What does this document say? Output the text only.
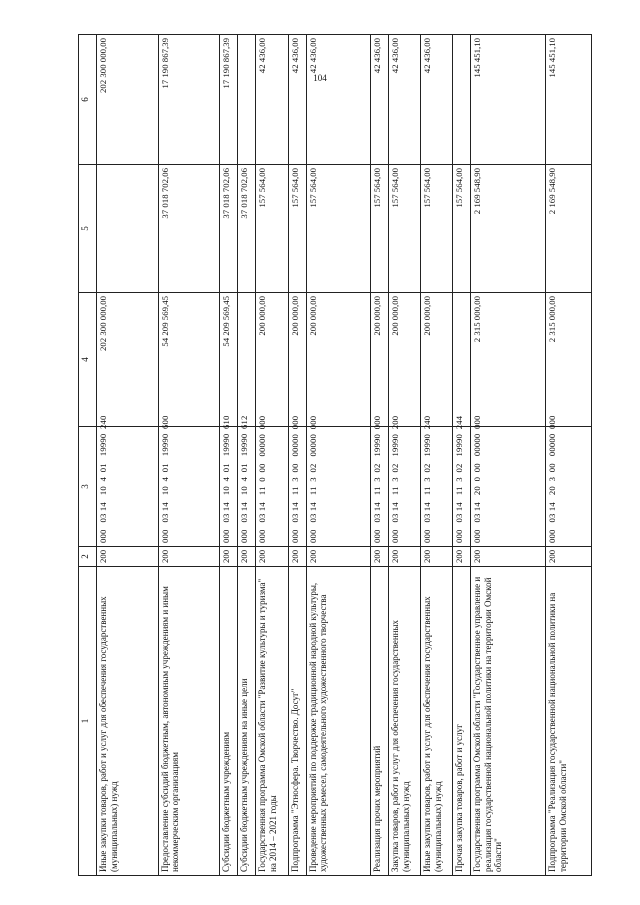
104
1	2	3	4	5	6
Иные закупки товаров, работ и услуг для обеспечения государственных (муниципальных) нужд	200	000   03 14   10  4  01   19990  240	202 300 000,00		202 300 000,00
Предоставление субсидий бюджетным, автономным учреждениям и иным некоммерческим организациям	200	000   03 14   10  4  01   19990  600	54 209 569,45	37 018 702,06	17 190 867,39
Субсидии бюджетным учреждениям	200	000   03 14   10  4  01   19990  610	54 209 569,45	37 018 702,06	17 190 867,39
Субсидии бюджетным учреждениям на иные цели	200	000   03 14   10  4  01   19990  612		37 018 702,06	
Государственная программа Омской области "Развитие культуры и туризма" на 2014 – 2021 годы	200	000   03 14   11  0  00   00000  000	200 000,00	157 564,00	42 436,00
Подпрограмма "Этносфера. Творчество. Досуг"	200	000   03 14   11  3  00   00000  000	200 000,00	157 564,00	42 436,00
Проведение мероприятий по поддержке традиционной народной культуры, художественных ремесел, самодеятельного художественного творчества	200	000   03 14   11  3  02   00000  000	200 000,00	157 564,00	42 436,00
Реализация прочих мероприятий	200	000   03 14   11  3  02   19990  000	200 000,00	157 564,00	42 436,00
Закупка товаров, работ и услуг для обеспечения государственных (муниципальных) нужд	200	000   03 14   11  3  02   19990  200	200 000,00	157 564,00	42 436,00
Иные закупки товаров, работ и услуг для обеспечения государственных (муниципальных) нужд	200	000   03 14   11  3  02   19990  240	200 000,00	157 564,00	42 436,00
Прочая закупка товаров, работ и услуг	200	000   03 14   11  3  02   19990  244		157 564,00	
Государственная программа Омской области "Государственное управление и реализация государственной национальной политики на территории Омской области"	200	000   03 14   20  0  00   00000  000	2 315 000,00	2 169 548,90	145 451,10
Подпрограмма "Реализация государственной национальной политики на территории Омской области"	200	000   03 14   20  3  00   00000  000	2 315 000,00	2 169 548,90	145 451,10
